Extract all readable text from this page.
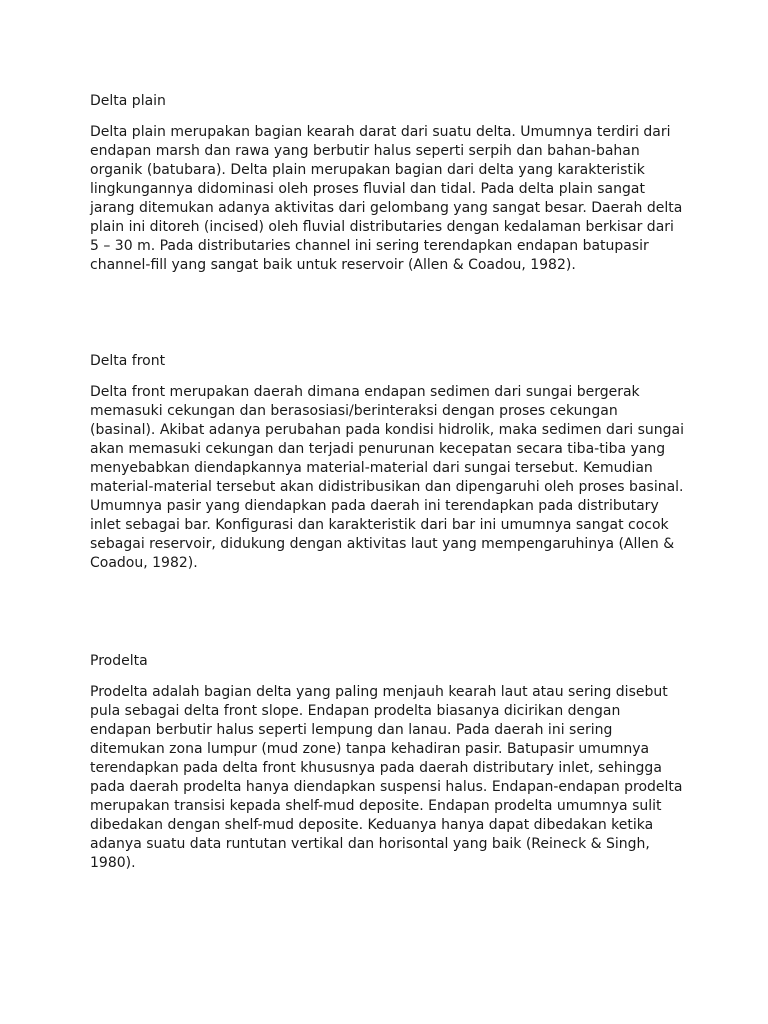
Delta plain

Delta plain merupakan bagian kearah darat dari suatu delta. Umumnya terdiri dari
endapan marsh dan rawa yang berbutir halus seperti serpih dan bahan-bahan
organik (batubara). Delta plain merupakan bagian dari delta yang karakteristik
lingkungannya didominasi oleh proses fluvial dan tidal. Pada delta plain sangat
jarang ditemukan adanya aktivitas dari gelombang yang sangat besar. Daerah delta
plain ini ditoreh (incised) oleh fluvial distributaries dengan kedalaman berkisar dari
5 – 30 m. Pada distributaries channel ini sering terendapkan endapan batupasir
channel-fill yang sangat baik untuk reservoir (Allen & Coadou, 1982).

Delta front

Delta front merupakan daerah dimana endapan sedimen dari sungai bergerak
memasuki cekungan dan berasosiasi/berinteraksi dengan proses cekungan
(basinal). Akibat adanya perubahan pada kondisi hidrolik, maka sedimen dari sungai
akan memasuki cekungan dan terjadi penurunan kecepatan secara tiba-tiba yang
menyebabkan diendapkannya material-material dari sungai tersebut. Kemudian
material-material tersebut akan didistribusikan dan dipengaruhi oleh proses basinal.
Umumnya pasir yang diendapkan pada daerah ini terendapkan pada distributary
inlet sebagai bar. Konfigurasi dan karakteristik dari bar ini umumnya sangat cocok
sebagai reservoir, didukung dengan aktivitas laut yang mempengaruhinya (Allen &
Coadou, 1982).

Prodelta

Prodelta adalah bagian delta yang paling menjauh kearah laut atau sering disebut
pula sebagai delta front slope. Endapan prodelta biasanya dicirikan dengan
endapan berbutir halus seperti lempung dan lanau. Pada daerah ini sering
ditemukan zona lumpur (mud zone) tanpa kehadiran pasir. Batupasir umumnya
terendapkan pada delta front khususnya pada daerah distributary inlet, sehingga
pada daerah prodelta hanya diendapkan suspensi halus. Endapan-endapan prodelta
merupakan transisi kepada shelf-mud deposite. Endapan prodelta umumnya sulit
dibedakan dengan shelf-mud deposite. Keduanya hanya dapat dibedakan ketika
adanya suatu data runtutan vertikal dan horisontal yang baik (Reineck & Singh,
1980).
